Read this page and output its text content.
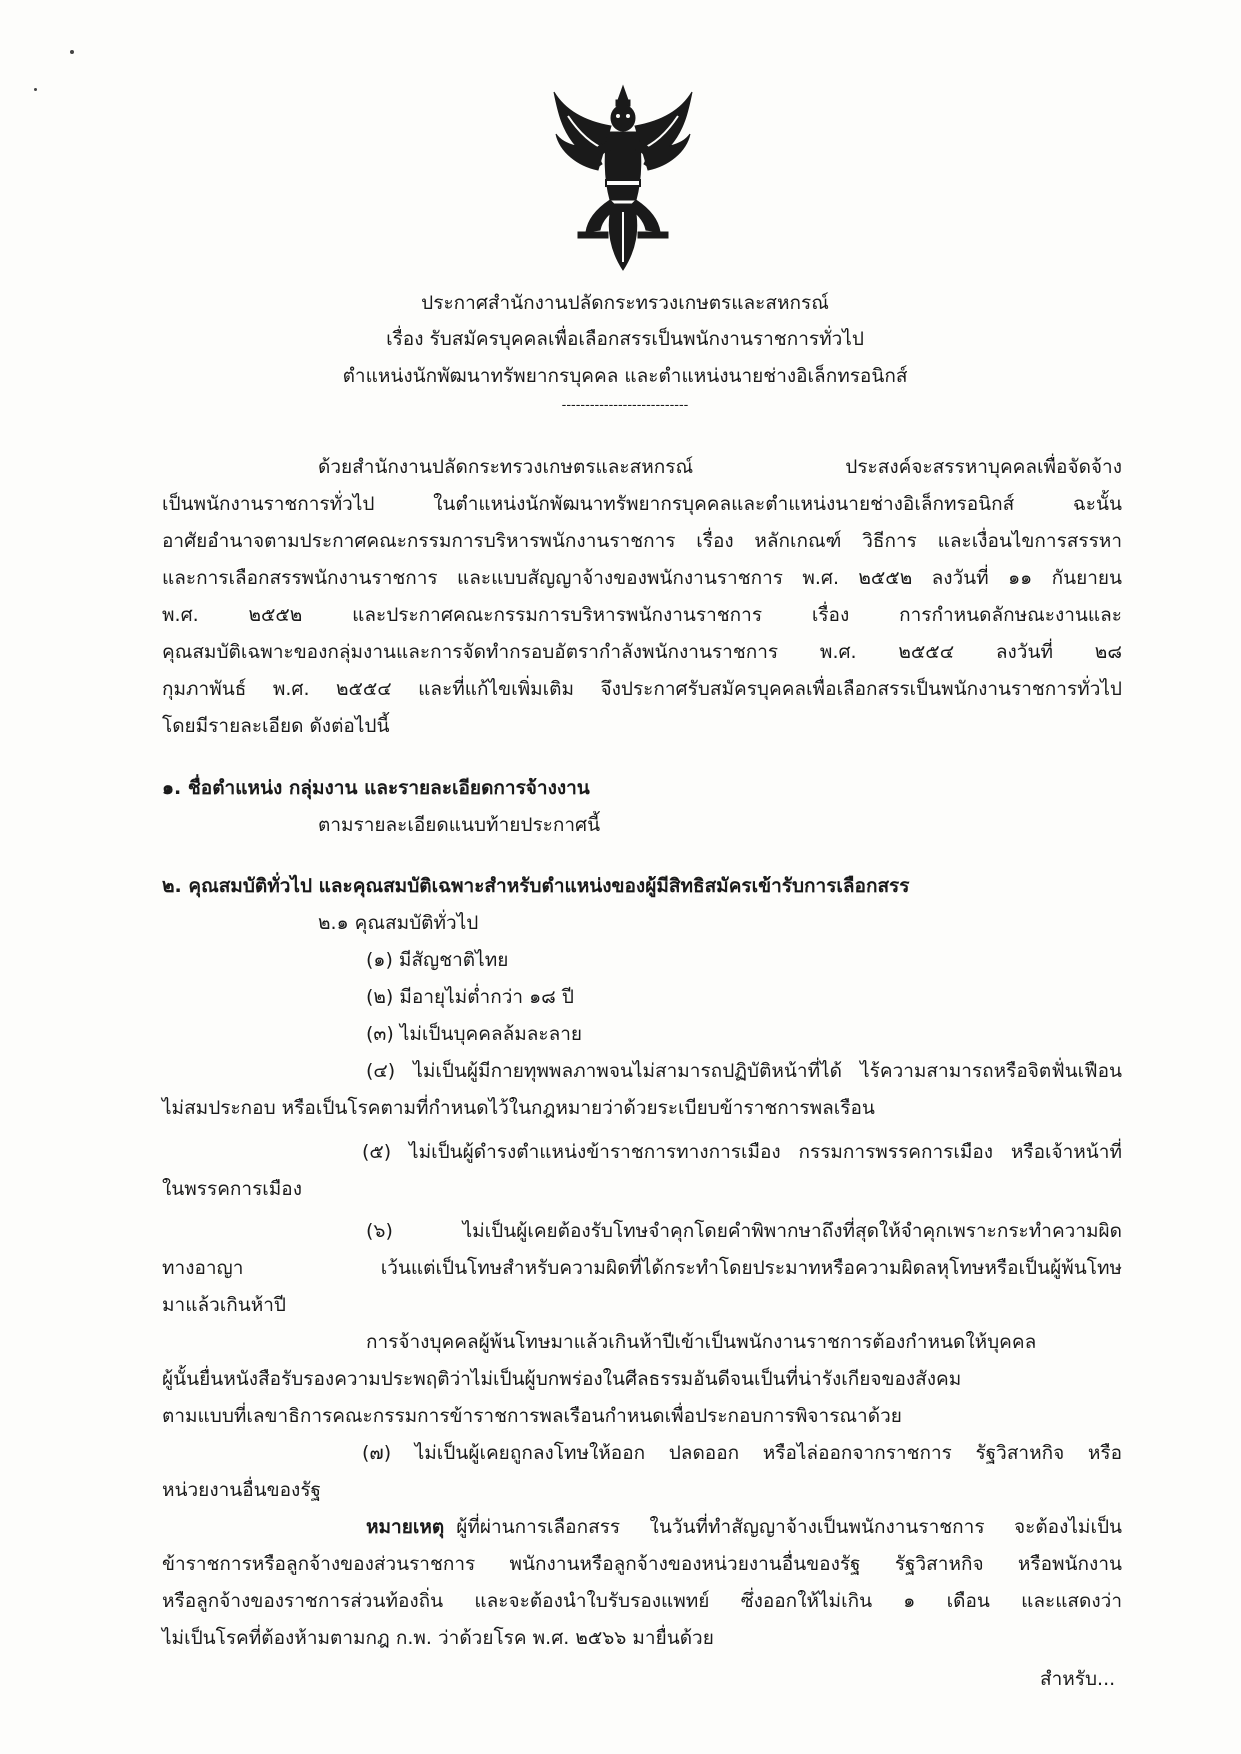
ประกาศสำนักงานปลัดกระทรวงเกษตรและสหกรณ์
เรื่อง รับสมัครบุคคลเพื่อเลือกสรรเป็นพนักงานราชการทั่วไป
ตำแหน่งนักพัฒนาทรัพยากรบุคคล และตำแหน่งนายช่างอิเล็กทรอนิกส์
---------------------------
ด้วยสำนักงานปลัดกระทรวงเกษตรและสหกรณ์ ประสงค์จะสรรหาบุคคลเพื่อจัดจ้าง
เป็นพนักงานราชการทั่วไป ในตำแหน่งนักพัฒนาทรัพยากรบุคคลและตำแหน่งนายช่างอิเล็กทรอนิกส์ ฉะนั้น
อาศัยอำนาจตามประกาศคณะกรรมการบริหารพนักงานราชการ เรื่อง หลักเกณฑ์ วิธีการ และเงื่อนไขการสรรหา
และการเลือกสรรพนักงานราชการ และแบบสัญญาจ้างของพนักงานราชการ พ.ศ. ๒๕๕๒ ลงวันที่ ๑๑ กันยายน
พ.ศ. ๒๕๕๒ และประกาศคณะกรรมการบริหารพนักงานราชการ เรื่อง การกำหนดลักษณะงานและ
คุณสมบัติเฉพาะของกลุ่มงานและการจัดทำกรอบอัตรากำลังพนักงานราชการ พ.ศ. ๒๕๕๔ ลงวันที่ ๒๘
กุมภาพันธ์ พ.ศ. ๒๕๕๔ และที่แก้ไขเพิ่มเติม จึงประกาศรับสมัครบุคคลเพื่อเลือกสรรเป็นพนักงานราชการทั่วไป
โดยมีรายละเอียด ดังต่อไปนี้
๑. ชื่อตำแหน่ง กลุ่มงาน และรายละเอียดการจ้างงาน
ตามรายละเอียดแนบท้ายประกาศนี้
๒. คุณสมบัติทั่วไป และคุณสมบัติเฉพาะสำหรับตำแหน่งของผู้มีสิทธิสมัครเข้ารับการเลือกสรร
๒.๑ คุณสมบัติทั่วไป
(๑) มีสัญชาติไทย
(๒) มีอายุไม่ต่ำกว่า ๑๘ ปี
(๓) ไม่เป็นบุคคลล้มละลาย
(๔) ไม่เป็นผู้มีกายทุพพลภาพจนไม่สามารถปฏิบัติหน้าที่ได้ ไร้ความสามารถหรือจิตฟั่นเฟือน
ไม่สมประกอบ หรือเป็นโรคตามที่กำหนดไว้ในกฎหมายว่าด้วยระเบียบข้าราชการพลเรือน
(๕) ไม่เป็นผู้ดำรงตำแหน่งข้าราชการทางการเมือง กรรมการพรรคการเมือง หรือเจ้าหน้าที่
ในพรรคการเมือง
(๖) ไม่เป็นผู้เคยต้องรับโทษจำคุกโดยคำพิพากษาถึงที่สุดให้จำคุกเพราะกระทำความผิด
ทางอาญา เว้นแต่เป็นโทษสำหรับความผิดที่ได้กระทำโดยประมาทหรือความผิดลหุโทษหรือเป็นผู้พ้นโทษ
มาแล้วเกินห้าปี
การจ้างบุคคลผู้พ้นโทษมาแล้วเกินห้าปีเข้าเป็นพนักงานราชการต้องกำหนดให้บุคคล
ผู้นั้นยื่นหนังสือรับรองความประพฤติว่าไม่เป็นผู้บกพร่องในศีลธรรมอันดีจนเป็นที่น่ารังเกียจของสังคม
ตามแบบที่เลขาธิการคณะกรรมการข้าราชการพลเรือนกำหนดเพื่อประกอบการพิจารณาด้วย
(๗) ไม่เป็นผู้เคยถูกลงโทษให้ออก ปลดออก หรือไล่ออกจากราชการ รัฐวิสาหกิจ หรือ
หน่วยงานอื่นของรัฐ
หมายเหตุ ผู้ที่ผ่านการเลือกสรร ในวันที่ทำสัญญาจ้างเป็นพนักงานราชการ จะต้องไม่เป็น
ข้าราชการหรือลูกจ้างของส่วนราชการ พนักงานหรือลูกจ้างของหน่วยงานอื่นของรัฐ รัฐวิสาหกิจ หรือพนักงาน
หรือลูกจ้างของราชการส่วนท้องถิ่น และจะต้องนำใบรับรองแพทย์ ซึ่งออกให้ไม่เกิน ๑ เดือน และแสดงว่า
ไม่เป็นโรคที่ต้องห้ามตามกฎ ก.พ. ว่าด้วยโรค พ.ศ. ๒๕๖๖ มายื่นด้วย
สำหรับ...
